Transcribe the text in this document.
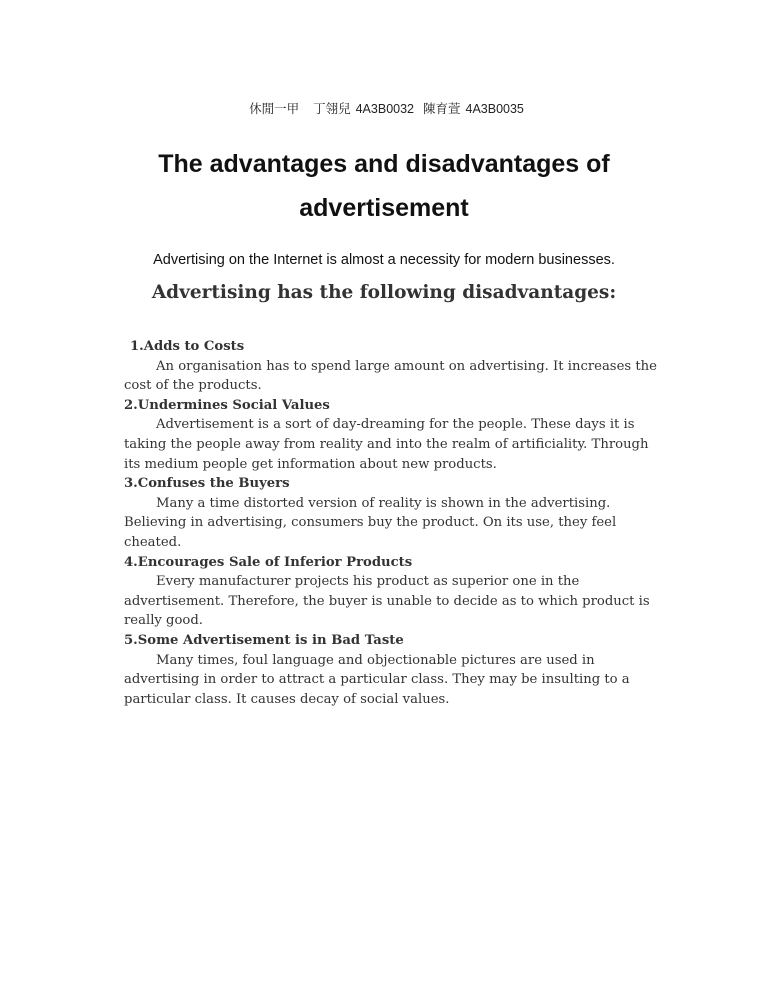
休閒一甲 丁翎兒 4A3B0032 陳育萱 4A3B0035
The advantages and disadvantages of
advertisement
Advertising on the Internet is almost a necessity for modern businesses.
Advertising has the following disadvantages:
1.Adds to Costs

An organisation has to spend large amount on advertising. It increases the cost of the products.

2.Undermines Social Values

Advertisement is a sort of day-dreaming for the people. These days it is taking the people away from reality and into the realm of artificiality. Through its medium people get information about new products.

3.Confuses the Buyers

Many a time distorted version of reality is shown in the advertising. Believing in advertising, consumers buy the product. On its use, they feel cheated.

4.Encourages Sale of Inferior Products

Every manufacturer projects his product as superior one in the advertisement. Therefore, the buyer is unable to decide as to which product is really good.

5.Some Advertisement is in Bad Taste

Many times, foul language and objectionable pictures are used in advertising in order to attract a particular class. They may be insulting to a particular class. It causes decay of social values.
